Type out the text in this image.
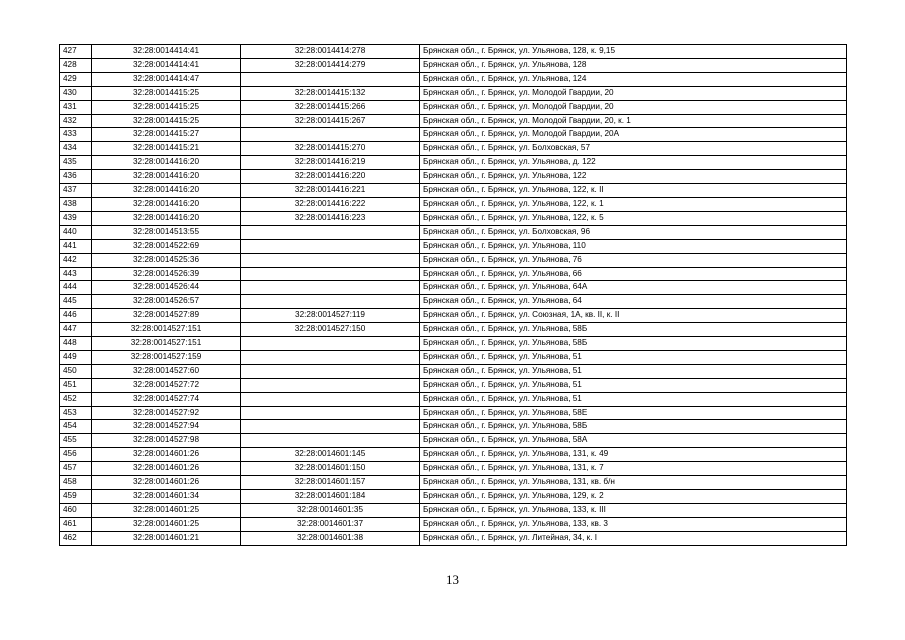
427	32:28:0014414:41	32:28:0014414:278	Брянская обл., г. Брянск, ул. Ульянова, 128, к. 9,15
428	32:28:0014414:41	32:28:0014414:279	Брянская обл., г. Брянск, ул. Ульянова, 128
429	32:28:0014414:47		Брянская обл., г. Брянск, ул. Ульянова, 124
430	32:28:0014415:25	32:28:0014415:132	Брянская обл., г. Брянск, ул. Молодой Гвардии, 20
431	32:28:0014415:25	32:28:0014415:266	Брянская обл., г. Брянск, ул. Молодой Гвардии, 20
432	32:28:0014415:25	32:28:0014415:267	Брянская обл., г. Брянск, ул. Молодой Гвардии, 20, к. 1
433	32:28:0014415:27		Брянская обл., г. Брянск, ул. Молодой Гвардии, 20А
434	32:28:0014415:21	32:28:0014415:270	Брянская обл., г. Брянск, ул. Болховская, 57
435	32:28:0014416:20	32:28:0014416:219	Брянская обл., г. Брянск, ул. Ульянова, д. 122
436	32:28:0014416:20	32:28:0014416:220	Брянская обл., г. Брянск, ул. Ульянова, 122
437	32:28:0014416:20	32:28:0014416:221	Брянская обл., г. Брянск, ул. Ульянова, 122, к. II
438	32:28:0014416:20	32:28:0014416:222	Брянская обл., г. Брянск, ул. Ульянова, 122, к. 1
439	32:28:0014416:20	32:28:0014416:223	Брянская обл., г. Брянск, ул. Ульянова, 122, к. 5
440	32:28:0014513:55		Брянская обл., г. Брянск, ул. Болховская, 96
441	32:28:0014522:69		Брянская обл., г. Брянск, ул. Ульянова, 110
442	32:28:0014525:36		Брянская обл., г. Брянск, ул. Ульянова, 76
443	32:28:0014526:39		Брянская обл., г. Брянск, ул. Ульянова, 66
444	32:28:0014526:44		Брянская обл., г. Брянск, ул. Ульянова, 64А
445	32:28:0014526:57		Брянская обл., г. Брянск, ул. Ульянова, 64
446	32:28:0014527:89	32:28:0014527:119	Брянская обл., г. Брянск, ул. Союзная, 1А, кв. II, к. II
447	32:28:0014527:151	32:28:0014527:150	Брянская обл., г. Брянск, ул. Ульянова, 58Б
448	32:28:0014527:151		Брянская обл., г. Брянск, ул. Ульянова, 58Б
449	32:28:0014527:159		Брянская обл., г. Брянск, ул. Ульянова, 51
450	32:28:0014527:60		Брянская обл., г. Брянск, ул. Ульянова, 51
451	32:28:0014527:72		Брянская обл., г. Брянск, ул. Ульянова, 51
452	32:28:0014527:74		Брянская обл., г. Брянск, ул. Ульянова, 51
453	32:28:0014527:92		Брянская обл., г. Брянск, ул. Ульянова, 58Е
454	32:28:0014527:94		Брянская обл., г. Брянск, ул. Ульянова, 58Б
455	32:28:0014527:98		Брянская обл., г. Брянск, ул. Ульянова, 58А
456	32:28:0014601:26	32:28:0014601:145	Брянская обл., г. Брянск, ул. Ульянова, 131, к. 49
457	32:28:0014601:26	32:28:0014601:150	Брянская обл., г. Брянск, ул. Ульянова, 131, к. 7
458	32:28:0014601:26	32:28:0014601:157	Брянская обл., г. Брянск, ул. Ульянова, 131, кв. б/н
459	32:28:0014601:34	32:28:0014601:184	Брянская обл., г. Брянск, ул. Ульянова, 129, к. 2
460	32:28:0014601:25	32:28:0014601:35	Брянская обл., г. Брянск, ул. Ульянова, 133, к. III
461	32:28:0014601:25	32:28:0014601:37	Брянская обл., г. Брянск, ул. Ульянова, 133, кв. 3
462	32:28:0014601:21	32:28:0014601:38	Брянская обл., г. Брянск, ул. Литейная, 34, к. I
13
